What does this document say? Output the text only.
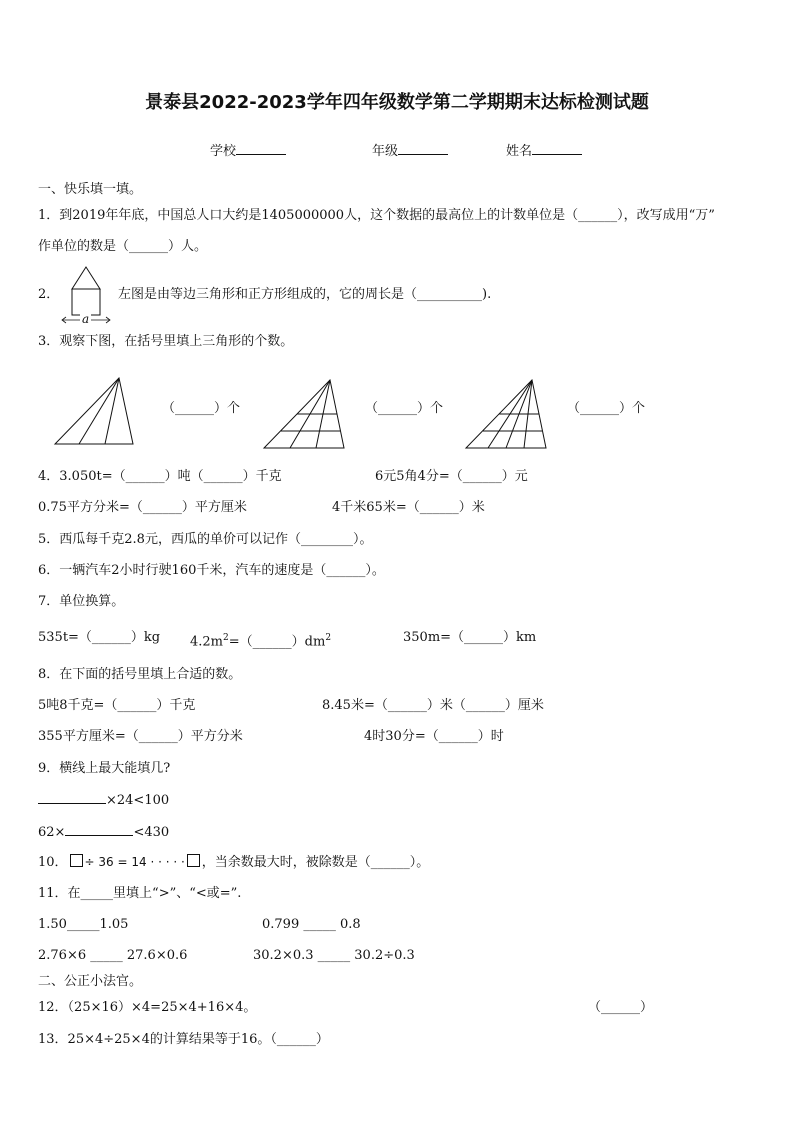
景泰县2022-2023学年四年级数学第二学期期末达标检测试题
学校	年级	姓名
一、快乐填一填。
1．到2019年年底，中国总人口大约是1405000000人，这个数据的最高位上的计数单位是（______），改写成用“万”
作单位的数是（______）人。
2．
a
左图是由等边三角形和正方形组成的，它的周长是（__________).
3．观察下图，在括号里填上三角形的个数。
（______）个	（______）个	（______）个
4．3.050t=（______）吨（______）千克	6元5角4分=（______）元
0.75平方分米=（______）平方厘米	4千米65米=（______）米
5．西瓜每千克2.8元，西瓜的单价可以记作（________）。
6．一辆汽车2小时行驶160千米，汽车的速度是（______）。
7．单位换算。
535t=（______）kg $4.2m^2=(\_\_\_\_\_\_)dm^2$	350m=（______）km
8．在下面的括号里填上合适的数。
5吨8千克=（______）千克	8.45米=（______）米（______）厘米
355平方厘米=（______）平方分米	4时30分=（______）时
9．横线上最大能填几?
×24<100
62×	<430
10． ÷ 36 = 14 · · · · · ，当余数最大时，被除数是（______）。
11．在_____里填上“>”、“<或=”.
1.50_____1.05	0.799 _____ 0.8
2.76×6 _____ 27.6×0.6	30.2×0.3 _____ 30.2÷0.3
二、公正小法官。
12．（25×16）×4=25×4+16×4。	（______）
13．25×4÷25×4的计算结果等于16。（______）
